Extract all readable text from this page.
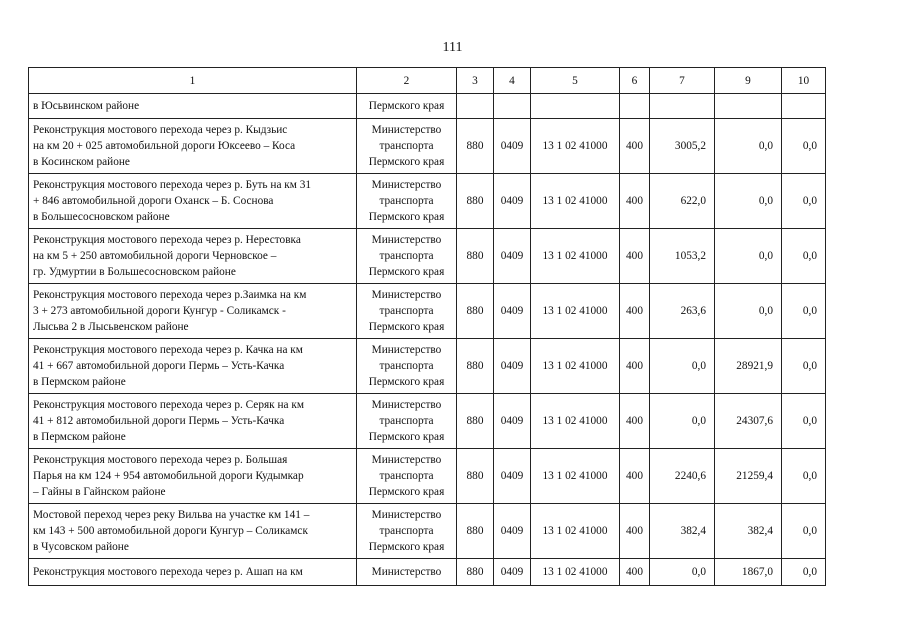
111
1	2	3	4	5	6	7	9	10

в Юсьвинском районе	Пермского края							

Реконструкция мостового перехода через р. Кыдзьис
на км 20 + 025 автомобильной дороги Юксеево – Коса
в Косинском районе	Министерство
транспорта
Пермского края	880	0409	13 1 02 41000	400	3005,2	0,0	0,0

Реконструкция мостового перехода через р. Буть на км 31
+ 846 автомобильной дороги Оханск – Б. Соснова
в Большесосновском районе	Министерство
транспорта
Пермского края	880	0409	13 1 02 41000	400	622,0	0,0	0,0

Реконструкция мостового перехода через р. Нерестовка
на км 5 + 250 автомобильной дороги Черновское –
гр. Удмуртии в Большесосновском районе	Министерство
транспорта
Пермского края	880	0409	13 1 02 41000	400	1053,2	0,0	0,0

Реконструкция мостового перехода через р.Заимка на км
3 + 273 автомобильной дороги Кунгур - Соликамск -
Лысьва 2 в Лысьвенском районе	Министерство
транспорта
Пермского края	880	0409	13 1 02 41000	400	263,6	0,0	0,0

Реконструкция мостового перехода через р. Качка на км
41 + 667 автомобильной дороги Пермь – Усть-Качка
в Пермском районе	Министерство
транспорта
Пермского края	880	0409	13 1 02 41000	400	0,0	28921,9	0,0

Реконструкция мостового перехода через р. Серяк на км
41 + 812 автомобильной дороги Пермь – Усть-Качка
в Пермском районе	Министерство
транспорта
Пермского края	880	0409	13 1 02 41000	400	0,0	24307,6	0,0

Реконструкция мостового перехода через р. Большая
Парья на км 124 + 954 автомобильной дороги Кудымкар
– Гайны в Гайнском районе	Министерство
транспорта
Пермского края	880	0409	13 1 02 41000	400	2240,6	21259,4	0,0

Мостовой переход через реку Вильва на участке км 141 –
км 143 + 500 автомобильной дороги Кунгур – Соликамск
в Чусовском районе	Министерство
транспорта
Пермского края	880	0409	13 1 02 41000	400	382,4	382,4	0,0

Реконструкция мостового перехода через р. Ашап на км	Министерство	880	0409	13 1 02 41000	400	0,0	1867,0	0,0
